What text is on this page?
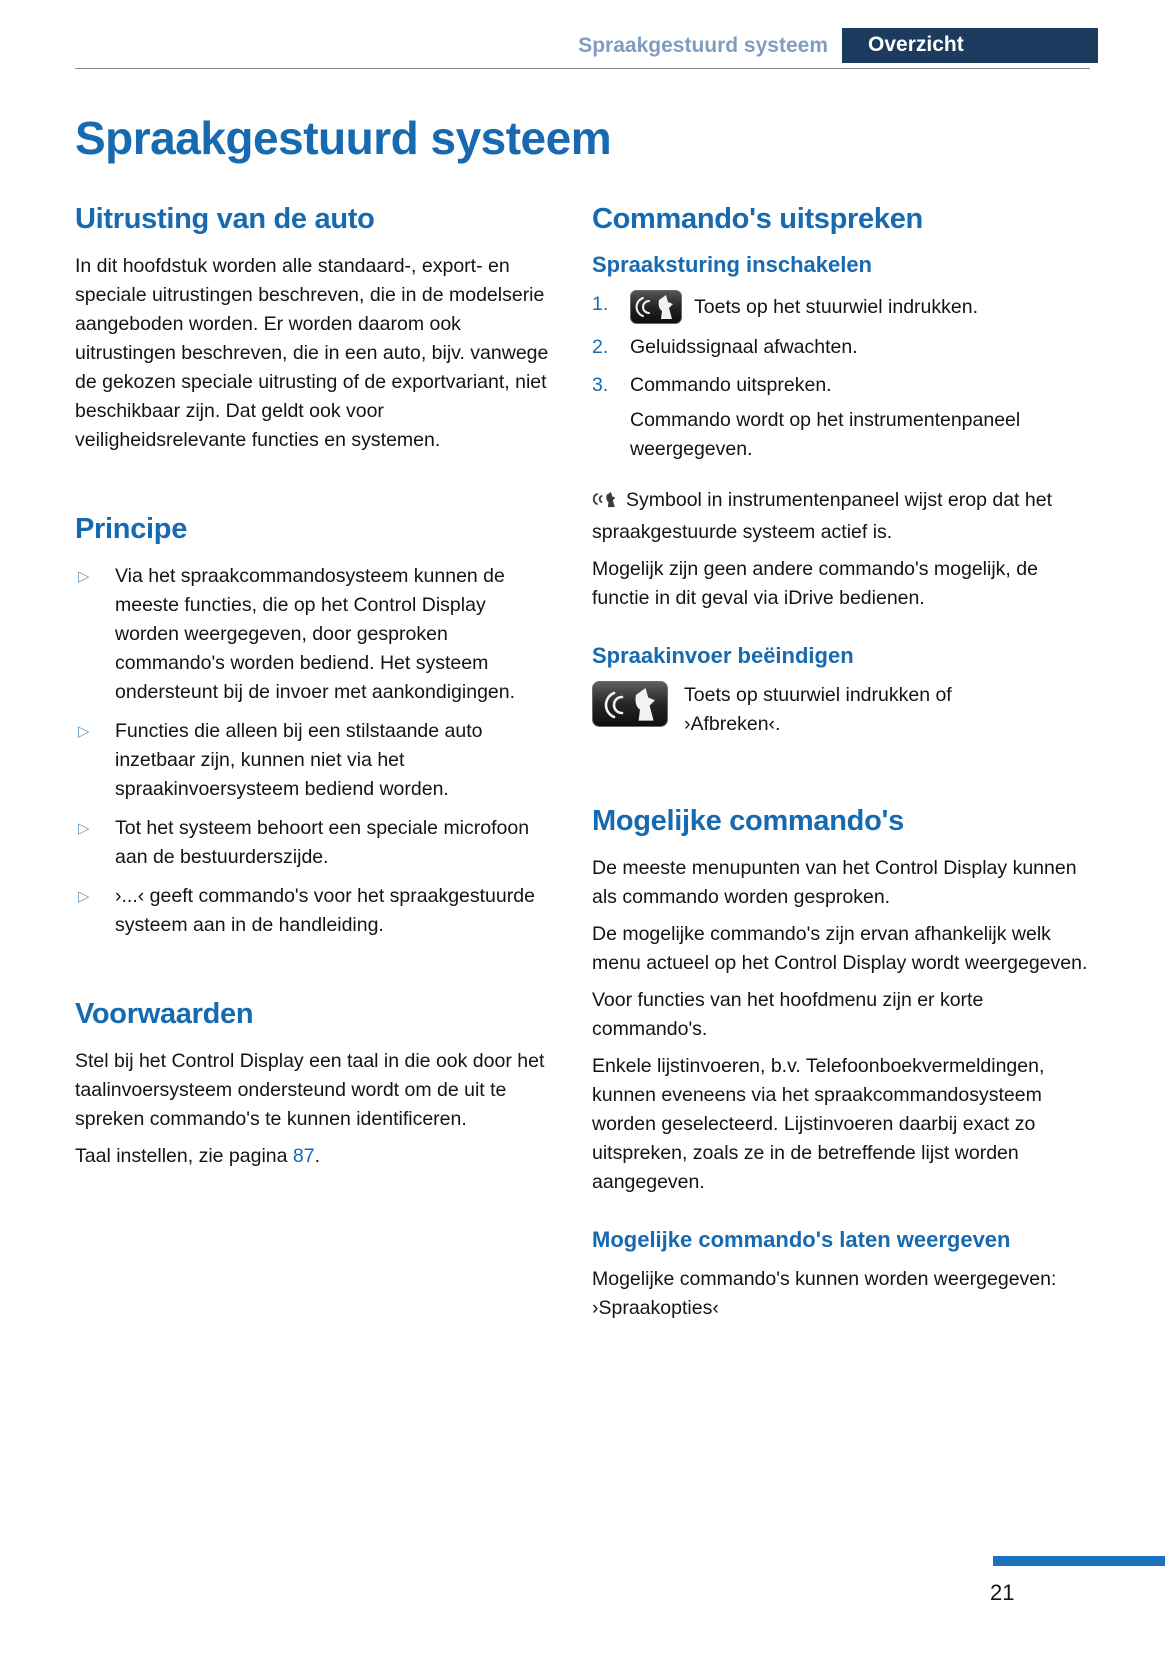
Spraakgestuurd systeem	Overzicht
Spraakgestuurd systeem
Uitrusting van de auto

In dit hoofdstuk worden alle standaard-, export- en speciale uitrustingen beschreven, die in de modelserie aangeboden worden. Er worden daarom ook uitrustingen beschreven, die in een auto, bijv. vanwege de gekozen speciale uitrusting of de exportvariant, niet beschikbaar zijn. Dat geldt ook voor veiligheidsrelevante functies en systemen.

Principe
▷	Via het spraakcommandosysteem kunnen de meeste functies, die op het Control Display worden weergegeven, door gesproken commando's worden bediend. Het systeem ondersteunt bij de invoer met aankondigingen.
▷	Functies die alleen bij een stilstaande auto inzetbaar zijn, kunnen niet via het spraakinvoersysteem bediend worden.
▷	Tot het systeem behoort een speciale microfoon aan de bestuurderszijde.
▷	›...‹ geeft commando's voor het spraakgestuurde systeem aan in de handleiding.
Voorwaarden

Stel bij het Control Display een taal in die ook door het taalinvoersysteem ondersteund wordt om de uit te spreken commando's te kunnen identificeren.

Taal instellen, zie pagina 87.

Commando's uitspreken
Spraaksturing inschakelen
1.	Toets op het stuurwiel indrukken.
2.	Geluidssignaal afwachten.
3.	Commando uitspreken.

Commando wordt op het instrumentenpaneel weergegeven.

Symbool in instrumentenpaneel wijst erop dat het spraakgestuurde systeem actief is.

Mogelijk zijn geen andere commando's mogelijk, de functie in dit geval via iDrive bedienen.

Spraakinvoer beëindigen

Toets op stuurwiel indrukken of ›Afbreken‹.

Mogelijke commando's

De meeste menupunten van het Control Display kunnen als commando worden gesproken.

De mogelijke commando's zijn ervan afhankelijk welk menu actueel op het Control Display wordt weergegeven.

Voor functies van het hoofdmenu zijn er korte commando's.

Enkele lijstinvoeren, b.v. Telefoonboekvermeldingen, kunnen eveneens via het spraakcommandosysteem worden geselecteerd. Lijstinvoeren daarbij exact zo uitspreken, zoals ze in de betreffende lijst worden aangegeven.

Mogelijke commando's laten weergeven

Mogelijke commando's kunnen worden weergegeven: ›Spraakopties‹

21
